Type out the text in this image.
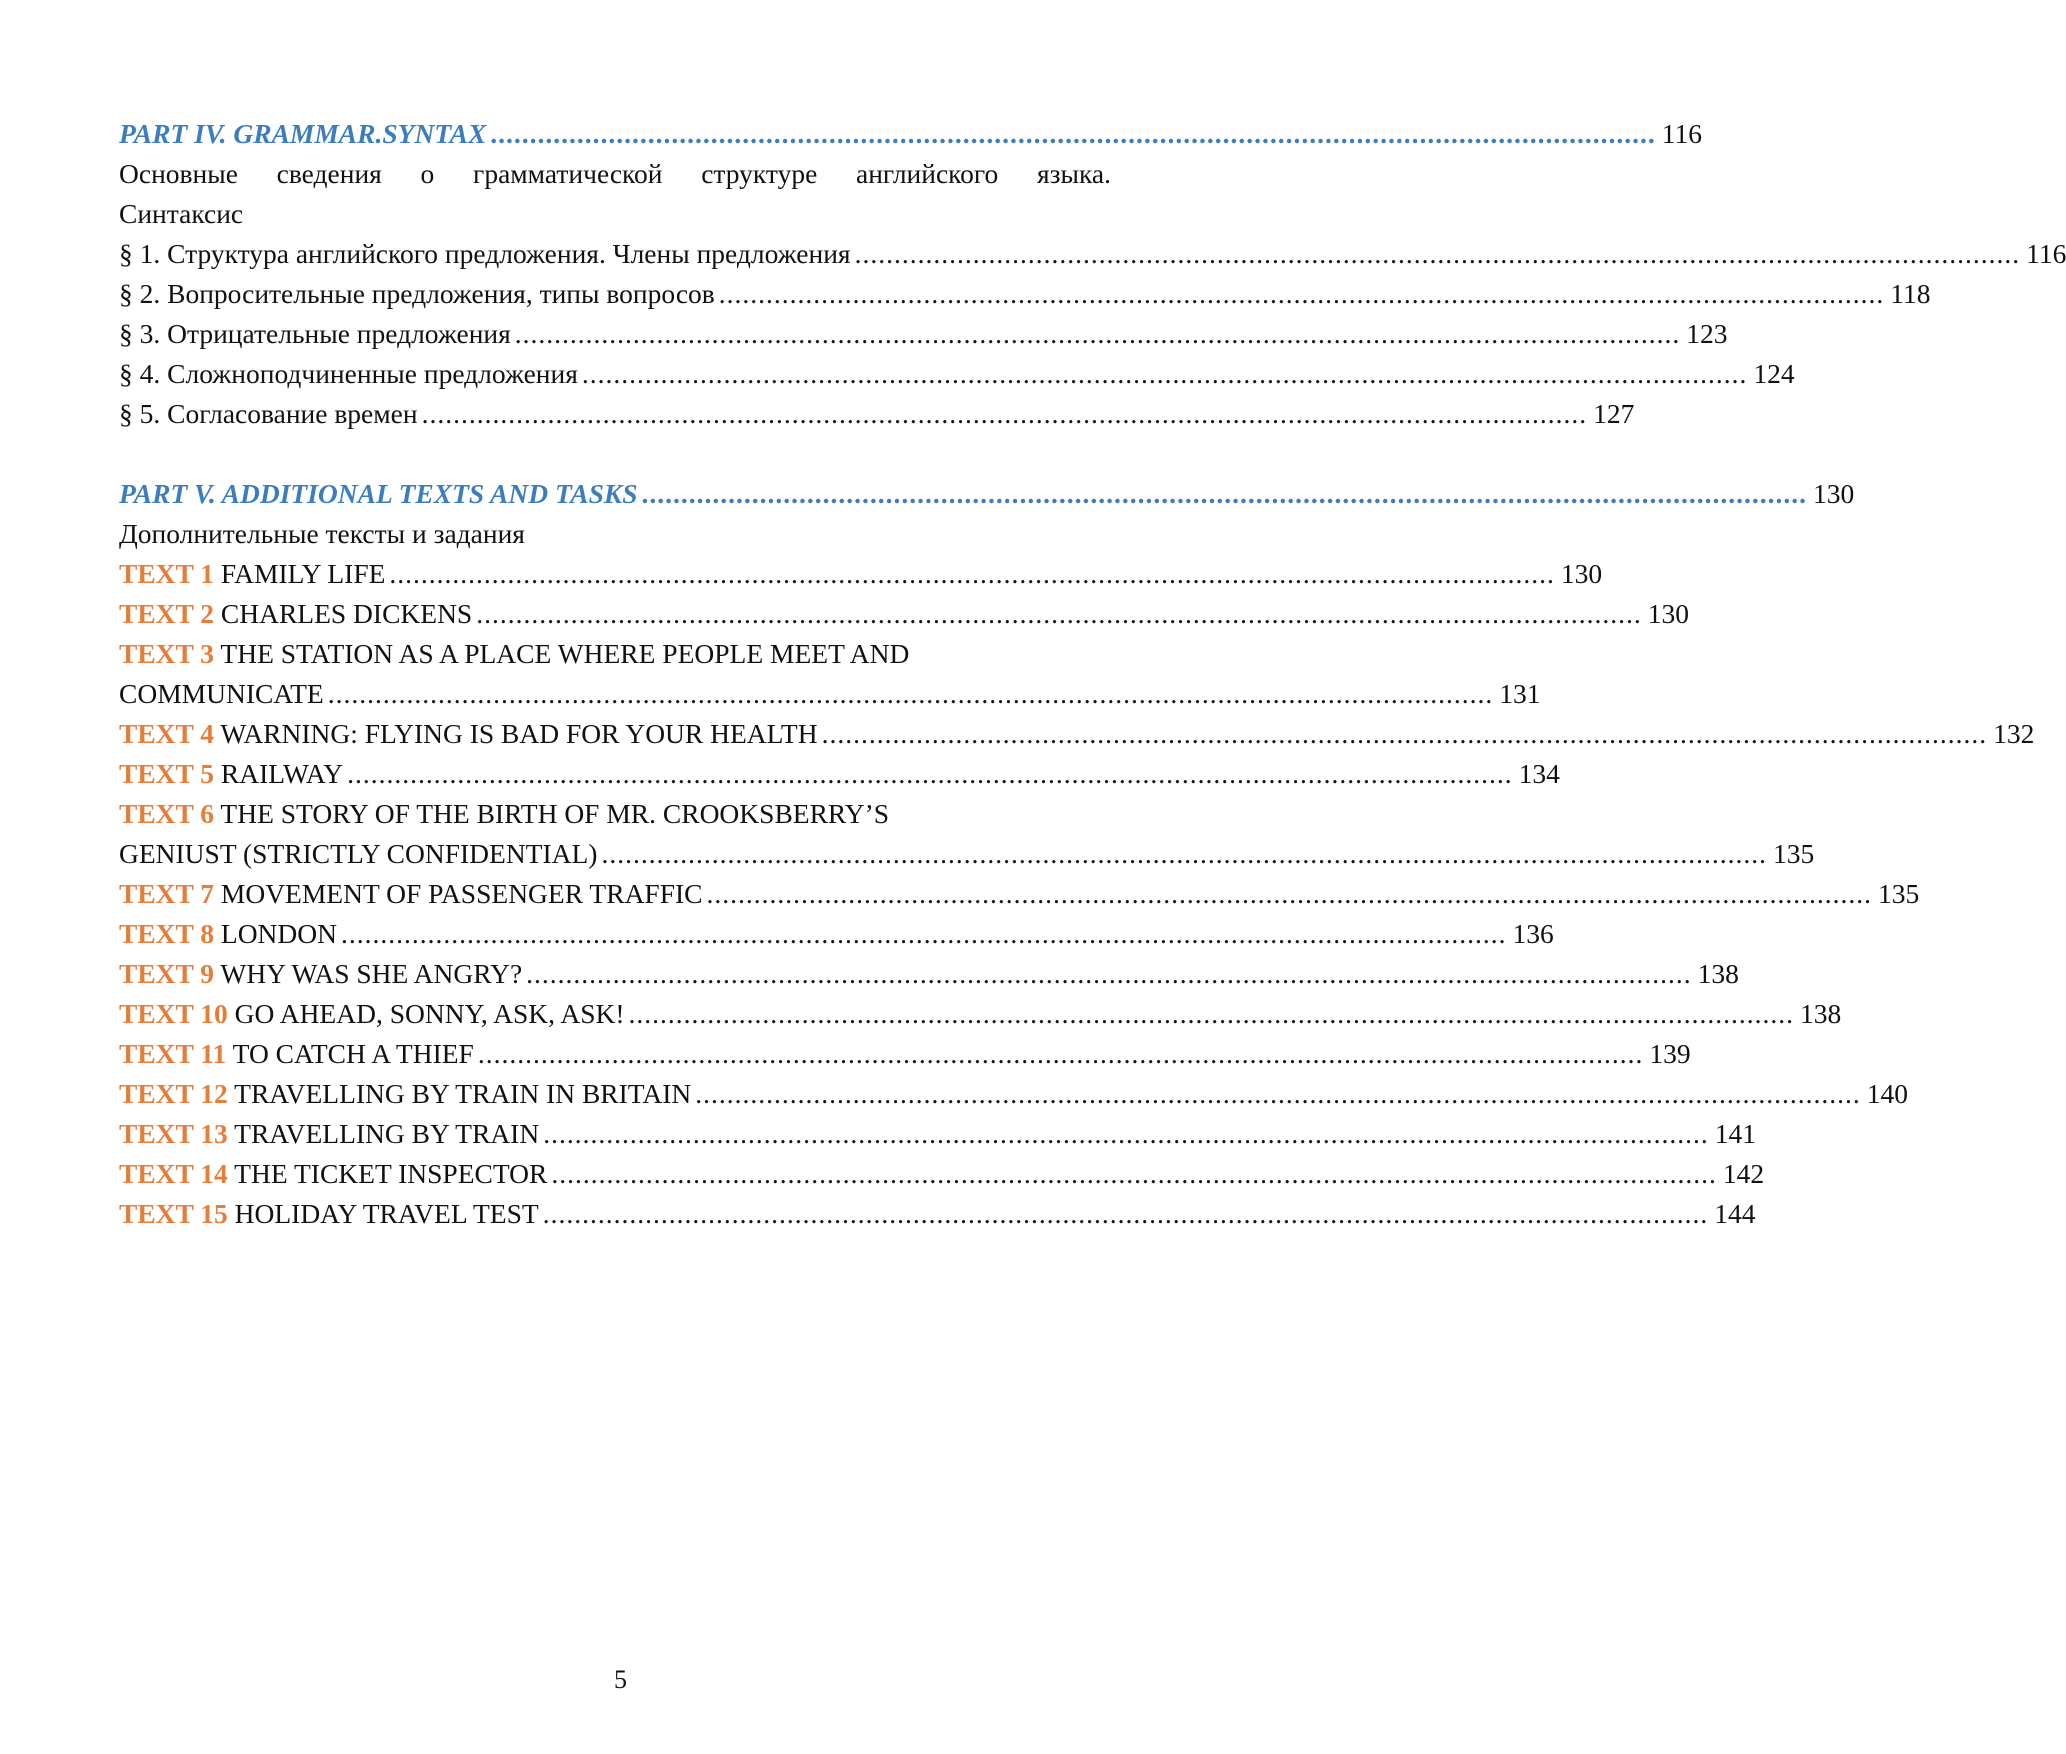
PART IV. GRAMMAR.SYNTAX .................................................................................................................................................... 116
Основные сведения о грамматической структуре английского языка.
Синтаксис
§ 1. Структура английского предложения. Члены предложения .................................................................................................................................................... 116
§ 2. Вопросительные предложения, типы вопросов .................................................................................................................................................... 118
§ 3. Отрицательные предложения .................................................................................................................................................... 123
§ 4. Сложноподчиненные предложения .................................................................................................................................................... 124
§ 5. Согласование времен .................................................................................................................................................... 127
PART V. ADDITIONAL TEXTS AND TASKS .................................................................................................................................................... 130
Дополнительные тексты и задания
TEXT 1 FAMILY LIFE .................................................................................................................................................... 130
TEXT 2 CHARLES DICKENS .................................................................................................................................................... 130
TEXT 3 THE STATION AS A PLACE WHERE PEOPLE MEET AND
COMMUNICATE .................................................................................................................................................... 131
TEXT 4 WARNING: FLYING IS BAD FOR YOUR HEALTH .................................................................................................................................................... 132
TEXT 5 RAILWAY .................................................................................................................................................... 134
TEXT 6 THE STORY OF THE BIRTH OF MR. CROOKSBERRY’S
GENIUST (STRICTLY CONFIDENTIAL) .................................................................................................................................................... 135
TEXT 7 MOVEMENT OF PASSENGER TRAFFIC .................................................................................................................................................... 135
TEXT 8 LONDON .................................................................................................................................................... 136
TEXT 9 WHY WAS SHE ANGRY? .................................................................................................................................................... 138
TEXT 10 GO AHEAD, SONNY, ASK, ASK! .................................................................................................................................................... 138
TEXT 11 TO CATCH A THIEF .................................................................................................................................................... 139
TEXT 12 TRAVELLING BY TRAIN IN BRITAIN .................................................................................................................................................... 140
TEXT 13 TRAVELLING BY TRAIN .................................................................................................................................................... 141
TEXT 14 THE TICKET INSPECTOR .................................................................................................................................................... 142
TEXT 15 HOLIDAY TRAVEL TEST .................................................................................................................................................... 144
5
